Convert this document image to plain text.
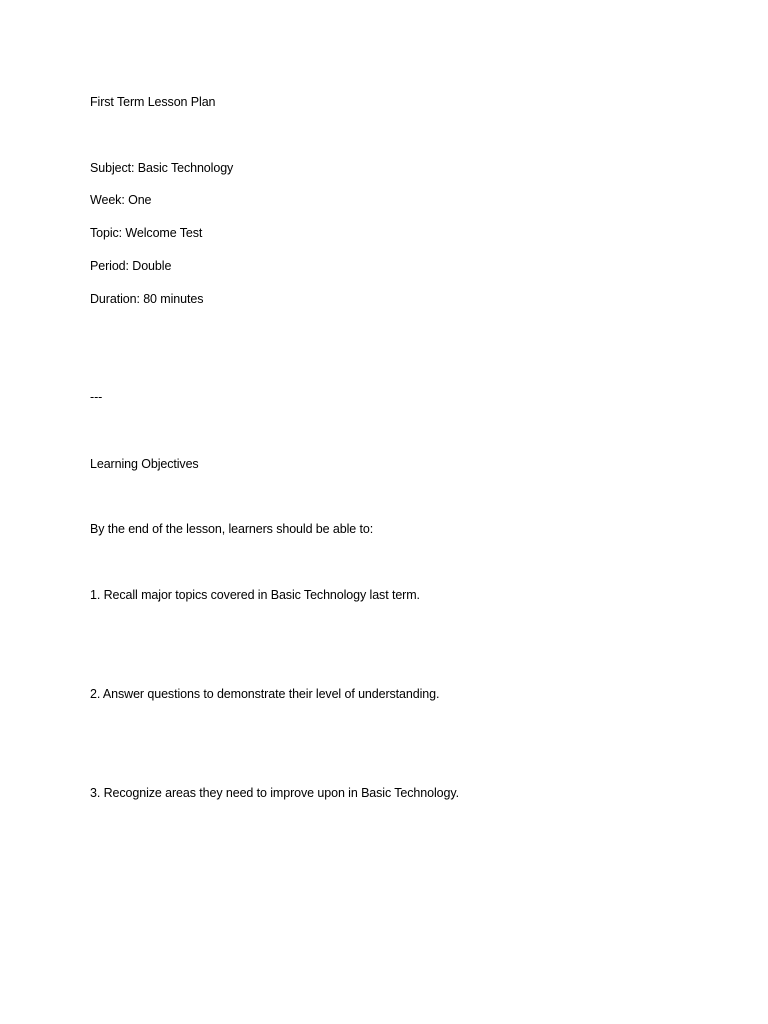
First Term Lesson Plan
Subject: Basic Technology
Week: One
Topic: Welcome Test
Period: Double
Duration: 80 minutes
---
Learning Objectives
By the end of the lesson, learners should be able to:
1. Recall major topics covered in Basic Technology last term.
2. Answer questions to demonstrate their level of understanding.
3. Recognize areas they need to improve upon in Basic Technology.
